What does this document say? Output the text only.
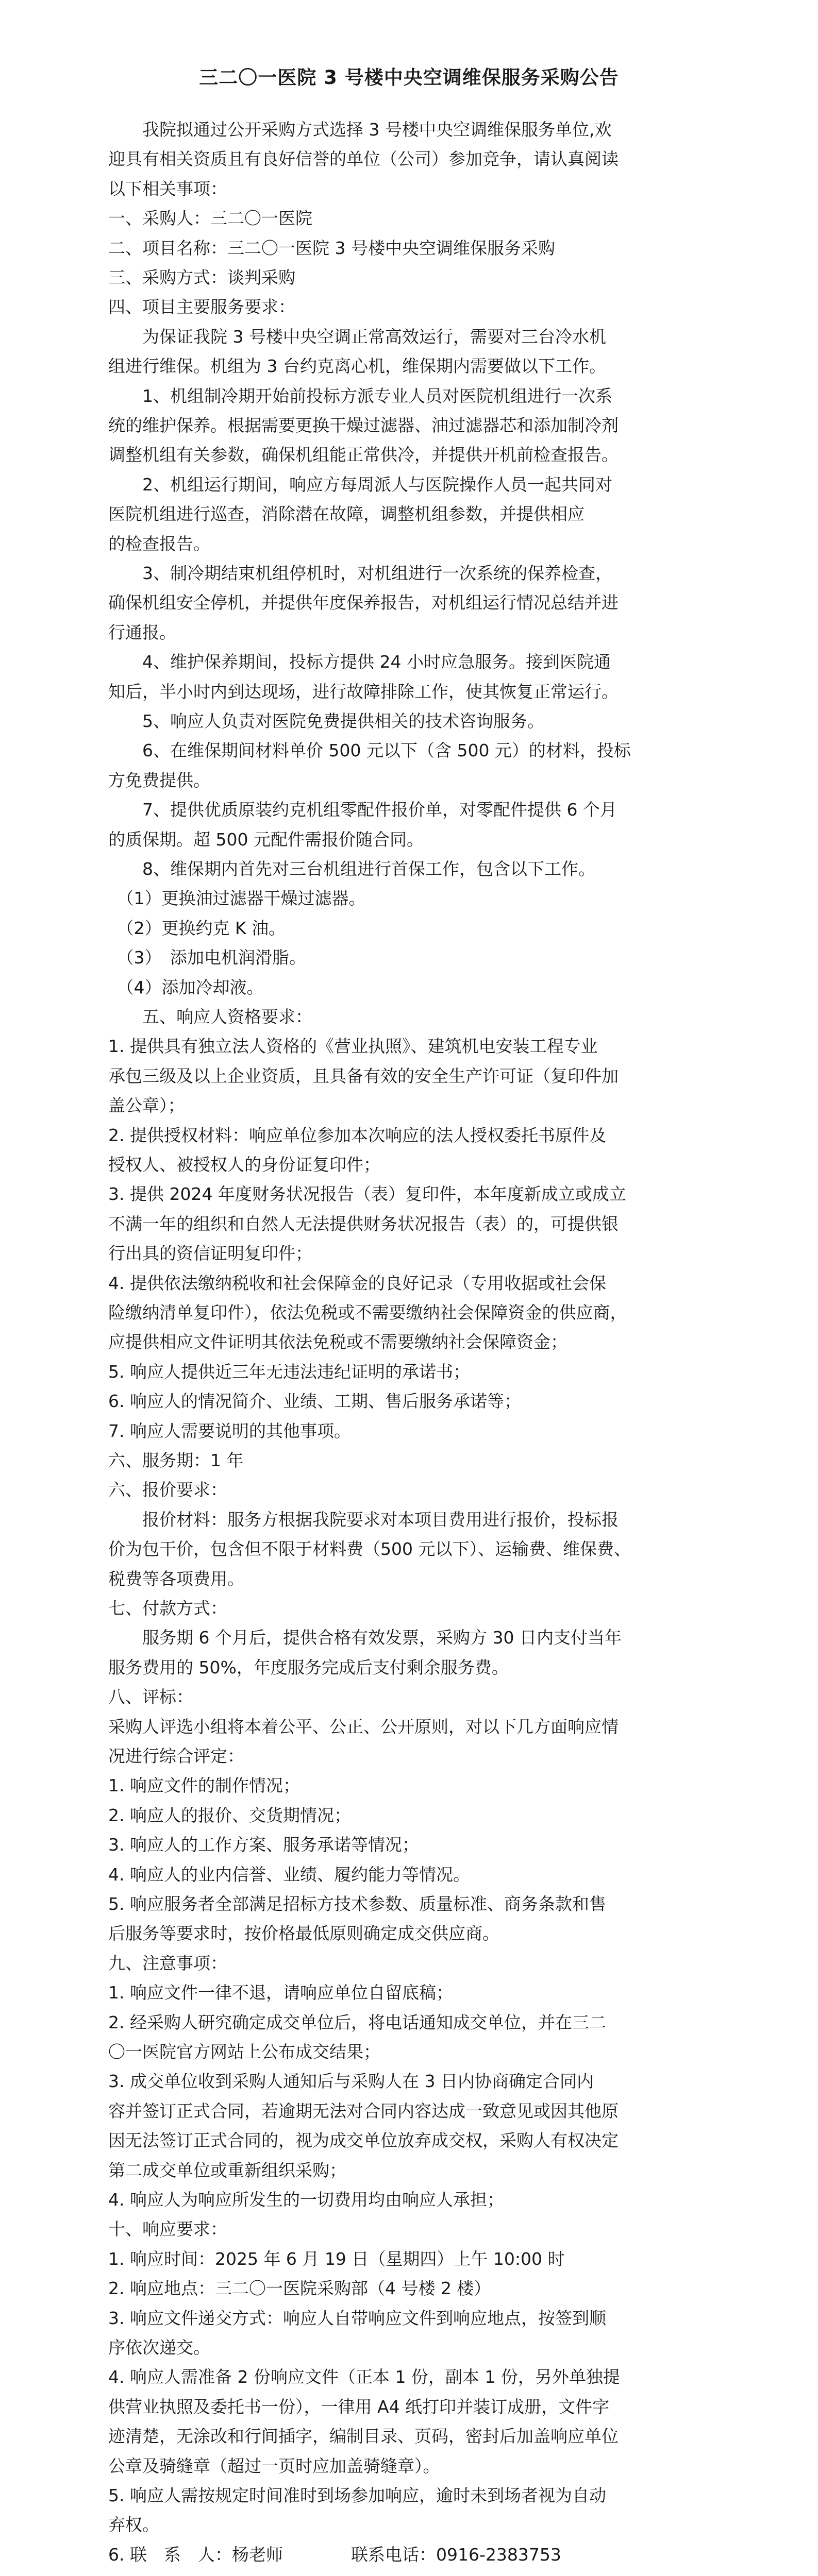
三二〇一医院 3 号楼中央空调维保服务采购公告

　　我院拟通过公开采购方式选择 3 号楼中央空调维保服务单位,欢

迎具有相关资质且有良好信誉的单位（公司）参加竞争，请认真阅读

以下相关事项：

一、采购人：三二〇一医院

二、项目名称：三二〇一医院 3 号楼中央空调维保服务采购

三、采购方式：谈判采购

四、项目主要服务要求：

　　为保证我院 3 号楼中央空调正常高效运行，需要对三台冷水机

组进行维保。机组为 3 台约克离心机，维保期内需要做以下工作。

　　1、机组制冷期开始前投标方派专业人员对医院机组进行一次系

统的维护保养。根据需要更换干燥过滤器、油过滤器芯和添加制冷剂

调整机组有关参数，确保机组能正常供冷，并提供开机前检查报告。

　　2、机组运行期间，响应方每周派人与医院操作人员一起共同对

医院机组进行巡查，消除潜在故障，调整机组参数，并提供相应

的检查报告。

　　3、制冷期结束机组停机时，对机组进行一次系统的保养检查，

确保机组安全停机，并提供年度保养报告，对机组运行情况总结并进

行通报。

　　4、维护保养期间，投标方提供 24 小时应急服务。接到医院通

知后，半小时内到达现场，进行故障排除工作，使其恢复正常运行。

　　5、响应人负责对医院免费提供相关的技术咨询服务。

　　6、在维保期间材料单价 500 元以下（含 500 元）的材料，投标

方免费提供。

　　7、提供优质原装约克机组零配件报价单，对零配件提供 6 个月

的质保期。超 500 元配件需报价随合同。

　　8、维保期内首先对三台机组进行首保工作，包含以下工作。

　（1）更换油过滤器干燥过滤器。

　（2）更换约克 K 油。

　（3）　添加电机润滑脂。

　（4）添加冷却液。

　　五、响应人资格要求：

1. 提供具有独立法人资格的《营业执照》、建筑机电安装工程专业

承包三级及以上企业资质，且具备有效的安全生产许可证（复印件加

盖公章）；

2. 提供授权材料：响应单位参加本次响应的法人授权委托书原件及

授权人、被授权人的身份证复印件；

3. 提供 2024 年度财务状况报告（表）复印件，本年度新成立或成立

不满一年的组织和自然人无法提供财务状况报告（表）的，可提供银

行出具的资信证明复印件；

4. 提供依法缴纳税收和社会保障金的良好记录（专用收据或社会保

险缴纳清单复印件），依法免税或不需要缴纳社会保障资金的供应商，

应提供相应文件证明其依法免税或不需要缴纳社会保障资金；

5. 响应人提供近三年无违法违纪证明的承诺书；

6. 响应人的情况简介、业绩、工期、售后服务承诺等；

7. 响应人需要说明的其他事项。

六、服务期：1 年

六、报价要求：

　　报价材料：服务方根据我院要求对本项目费用进行报价，投标报

价为包干价，包含但不限于材料费（500 元以下）、运输费、维保费、

税费等各项费用。

七、付款方式：

　　服务期 6 个月后，提供合格有效发票，采购方 30 日内支付当年

服务费用的 50%，年度服务完成后支付剩余服务费。

八、评标：

采购人评选小组将本着公平、公正、公开原则，对以下几方面响应情

况进行综合评定：

1. 响应文件的制作情况；

2. 响应人的报价、交货期情况；

3. 响应人的工作方案、服务承诺等情况；

4. 响应人的业内信誉、业绩、履约能力等情况。

5. 响应服务者全部满足招标方技术参数、质量标准、商务条款和售

后服务等要求时，按价格最低原则确定成交供应商。

九、注意事项：

1. 响应文件一律不退，请响应单位自留底稿；

2. 经采购人研究确定成交单位后，将电话通知成交单位，并在三二

〇一医院官方网站上公布成交结果；

3. 成交单位收到采购人通知后与采购人在 3 日内协商确定合同内

容并签订正式合同，若逾期无法对合同内容达成一致意见或因其他原

因无法签订正式合同的，视为成交单位放弃成交权，采购人有权决定

第二成交单位或重新组织采购；

4. 响应人为响应所发生的一切费用均由响应人承担；

十、响应要求：

1. 响应时间：2025 年 6 月 19 日（星期四）上午 10:00 时

2. 响应地点：三二〇一医院采购部（4 号楼 2 楼）

3. 响应文件递交方式：响应人自带响应文件到响应地点，按签到顺

序依次递交。

4. 响应人需准备 2 份响应文件（正本 1 份，副本 1 份，另外单独提

供营业执照及委托书一份），一律用 A4 纸打印并装订成册，文件字

迹清楚，无涂改和行间插字，编制目录、页码，密封后加盖响应单位

公章及骑缝章（超过一页时应加盖骑缝章）。

5. 响应人需按规定时间准时到场参加响应，逾时未到场者视为自动

弃权。

6. 联　系　人：杨老师　　　　联系电话：0916-2383753
